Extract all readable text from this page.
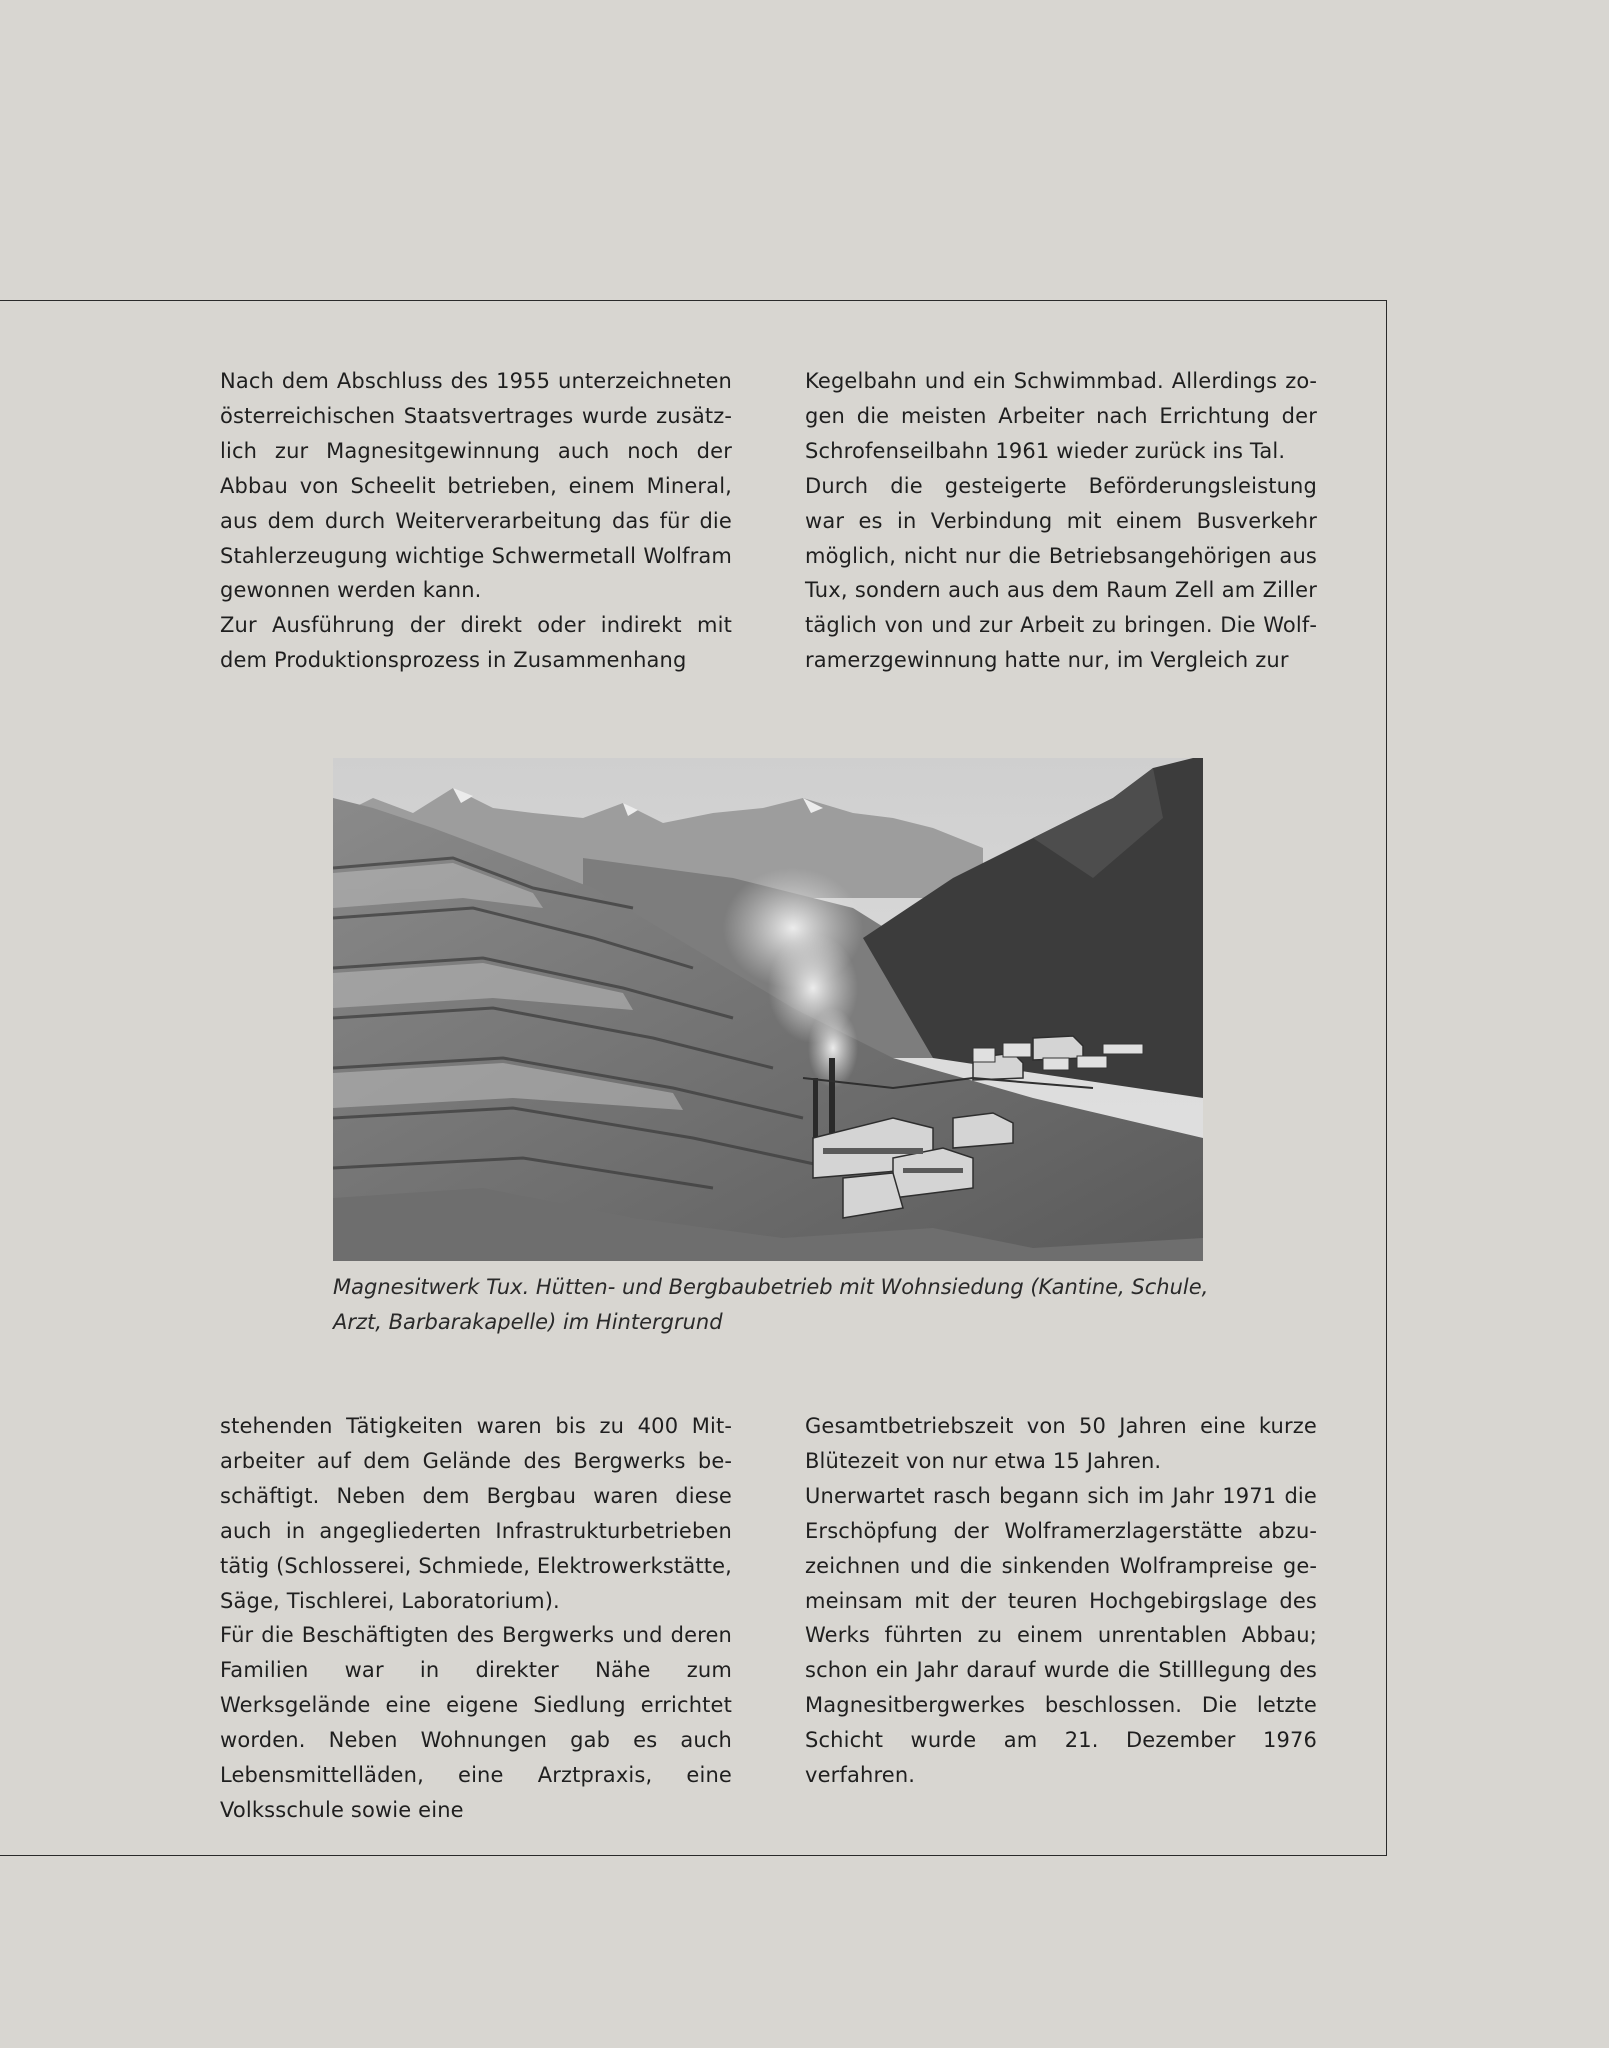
Nach dem Abschluss des 1955 unterzeichneten österreichischen Staatsvertrages wurde zusätzlich zur Magnesitgewinnung auch noch der Abbau von Scheelit betrieben, einem Mineral, aus dem durch Weiterverarbeitung das für die Stahlerzeugung wichtige Schwermetall Wolfram gewonnen werden kann.

Zur Ausführung der direkt oder indirekt mit dem Produktionsprozess in Zusammenhang

Kegelbahn und ein Schwimmbad. Allerdings zogen die meisten Arbeiter nach Errichtung der Schrofenseilbahn 1961 wieder zurück ins Tal.

Durch die gesteigerte Beförderungsleistung war es in Verbindung mit einem Busverkehr möglich, nicht nur die Betriebsangehörigen aus Tux, sondern auch aus dem Raum Zell am Ziller täglich von und zur Arbeit zu bringen. Die Wolframerzgewinnung hatte nur, im Vergleich zur

Magnesitwerk Tux. Hütten- und Bergbaubetrieb mit Wohnsiedung (Kantine, Schule, Arzt, Barbarakapelle) im Hintergrund

stehenden Tätigkeiten waren bis zu 400 Mitarbeiter auf dem Gelände des Bergwerks beschäftigt. Neben dem Bergbau waren diese auch in angegliederten Infrastrukturbetrieben tätig (Schlosserei, Schmiede, Elektrowerkstätte, Säge, Tischlerei, Laboratorium).

Für die Beschäftigten des Bergwerks und deren Familien war in direkter Nähe zum Werksgelände eine eigene Siedlung errichtet worden. Neben Wohnungen gab es auch Lebensmittelläden, eine Arztpraxis, eine Volksschule sowie eine

Gesamtbetriebszeit von 50 Jahren eine kurze Blütezeit von nur etwa 15 Jahren.

Unerwartet rasch begann sich im Jahr 1971 die Erschöpfung der Wolframerzlagerstätte abzuzeichnen und die sinkenden Wolframpreise gemeinsam mit der teuren Hochgebirgslage des Werks führten zu einem unrentablen Abbau; schon ein Jahr darauf wurde die Stilllegung des Magnesitbergwerkes beschlossen. Die letzte Schicht wurde am 21. Dezember 1976 verfahren.
